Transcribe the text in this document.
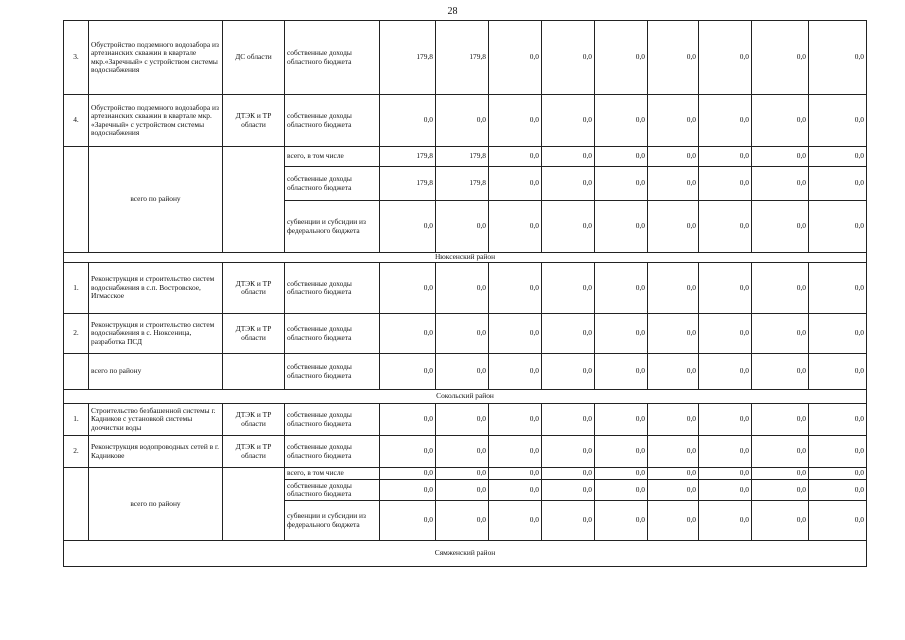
28
3.	Обустройство подземного водозабора из артезианских скважин в квартале мкр.«Заречный» с устройством системы водоснабжения	ДС области	собственные доходы областного бюджета	179,8	179,8	0,0	0,0	0,0	0,0	0,0	0,0	0,0
4.	Обустройство подземного водозабора из артезианских скважин в квартале мкр. «Заречный» с устройством системы водоснабжения	ДТЭК и ТР области	собственные доходы областного бюджета	0,0	0,0	0,0	0,0	0,0	0,0	0,0	0,0	0,0
	всего по району		всего, в том числе	179,8	179,8	0,0	0,0	0,0	0,0	0,0	0,0	0,0
			собственные доходы областного бюджета	179,8	179,8	0,0	0,0	0,0	0,0	0,0	0,0	0,0
			субвенции и субсидии из федерального бюджета	0,0	0,0	0,0	0,0	0,0	0,0	0,0	0,0	0,0
Нюксенский район												
1.	Реконструкция и строительство систем водоснабжения в с.п. Востровское, Игмасское	ДТЭК и ТР области	собственные доходы областного бюджета	0,0	0,0	0,0	0,0	0,0	0,0	0,0	0,0	0,0
2.	Реконструкция и строительство систем водоснабжения в с. Нюксеница, разработка ПСД	ДТЭК и ТР области	собственные доходы областного бюджета	0,0	0,0	0,0	0,0	0,0	0,0	0,0	0,0	0,0
	всего по району		собственные доходы областного бюджета	0,0	0,0	0,0	0,0	0,0	0,0	0,0	0,0	0,0
Сокольский район												
1.	Строительство безбашенной системы г. Кадников с установкой системы доочистки воды	ДТЭК и ТР области	собственные доходы областного бюджета	0,0	0,0	0,0	0,0	0,0	0,0	0,0	0,0	0,0
2.	Реконструкция водопроводных сетей в г. Кадникове	ДТЭК и ТР области	собственные доходы областного бюджета	0,0	0,0	0,0	0,0	0,0	0,0	0,0	0,0	0,0
	всего по району		всего, в том числе	0,0	0,0	0,0	0,0	0,0	0,0	0,0	0,0	0,0
			собственные доходы областного бюджета	0,0	0,0	0,0	0,0	0,0	0,0	0,0	0,0	0,0
			субвенции и субсидии из федерального бюджета	0,0	0,0	0,0	0,0	0,0	0,0	0,0	0,0	0,0
Сямженский район												
